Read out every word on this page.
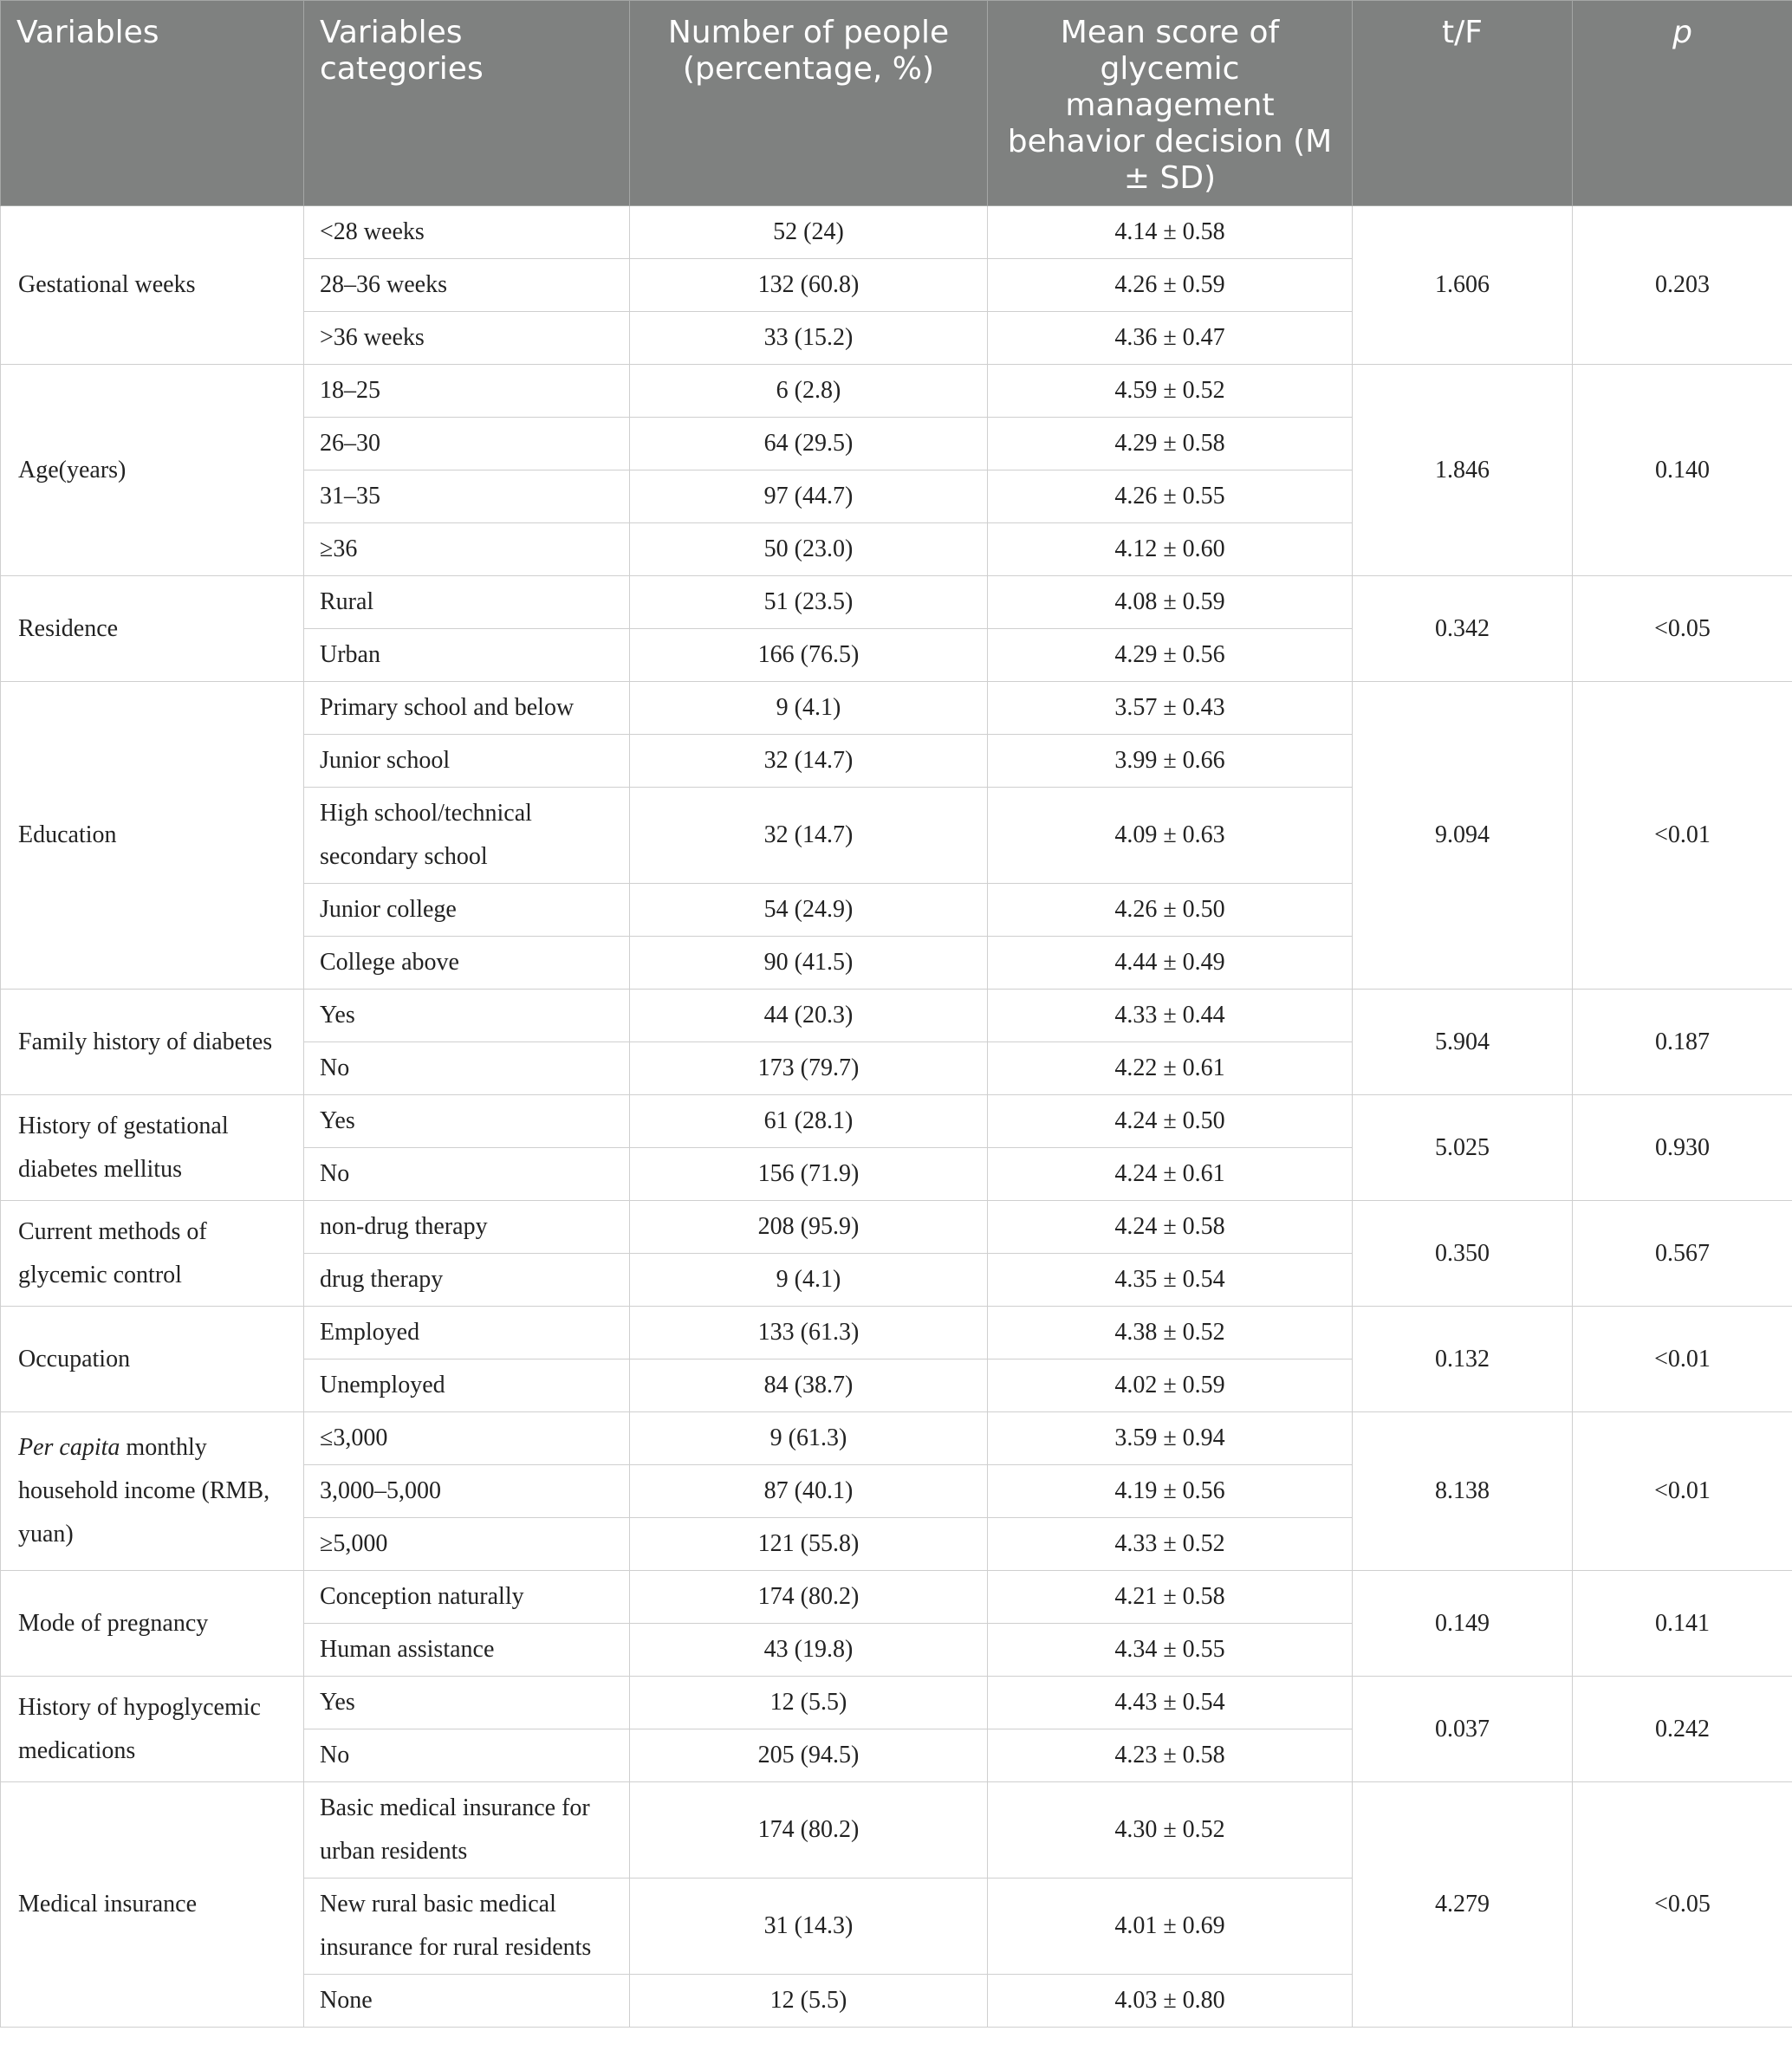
Variables	Variables categories	Number of people (percentage, %)	Mean score of glycemic management behavior decision (M ± SD)	t/F	p
Gestational weeks	<28 weeks	52 (24)	4.14 ± 0.58	1.606	0.203
	28–36 weeks	132 (60.8)	4.26 ± 0.59		
	>36 weeks	33 (15.2)	4.36 ± 0.47		
Age(years)	18–25	6 (2.8)	4.59 ± 0.52	1.846	0.140
	26–30	64 (29.5)	4.29 ± 0.58		
	31–35	97 (44.7)	4.26 ± 0.55		
	≥36	50 (23.0)	4.12 ± 0.60		
Residence	Rural	51 (23.5)	4.08 ± 0.59	0.342	<0.05
	Urban	166 (76.5)	4.29 ± 0.56		
Education	Primary school and below	9 (4.1)	3.57 ± 0.43	9.094	<0.01
	Junior school	32 (14.7)	3.99 ± 0.66		
	High school/technical secondary school	32 (14.7)	4.09 ± 0.63		
	Junior college	54 (24.9)	4.26 ± 0.50		
	College above	90 (41.5)	4.44 ± 0.49		
Family history of diabetes	Yes	44 (20.3)	4.33 ± 0.44	5.904	0.187
	No	173 (79.7)	4.22 ± 0.61		
History of gestational diabetes mellitus	Yes	61 (28.1)	4.24 ± 0.50	5.025	0.930
	No	156 (71.9)	4.24 ± 0.61		
Current methods of glycemic control	non-drug therapy	208 (95.9)	4.24 ± 0.58	0.350	0.567
	drug therapy	9 (4.1)	4.35 ± 0.54		
Occupation	Employed	133 (61.3)	4.38 ± 0.52	0.132	<0.01
	Unemployed	84 (38.7)	4.02 ± 0.59		
Per capita monthly household income (RMB, yuan)	≤3,000	9 (61.3)	3.59 ± 0.94	8.138	<0.01
	3,000–5,000	87 (40.1)	4.19 ± 0.56		
	≥5,000	121 (55.8)	4.33 ± 0.52		
Mode of pregnancy	Conception naturally	174 (80.2)	4.21 ± 0.58	0.149	0.141
	Human assistance	43 (19.8)	4.34 ± 0.55		
History of hypoglycemic medications	Yes	12 (5.5)	4.43 ± 0.54	0.037	0.242
	No	205 (94.5)	4.23 ± 0.58		
Medical insurance	Basic medical insurance for urban residents	174 (80.2)	4.30 ± 0.52	4.279	<0.05
	New rural basic medical insurance for rural residents	31 (14.3)	4.01 ± 0.69		
	None	12 (5.5)	4.03 ± 0.80		
